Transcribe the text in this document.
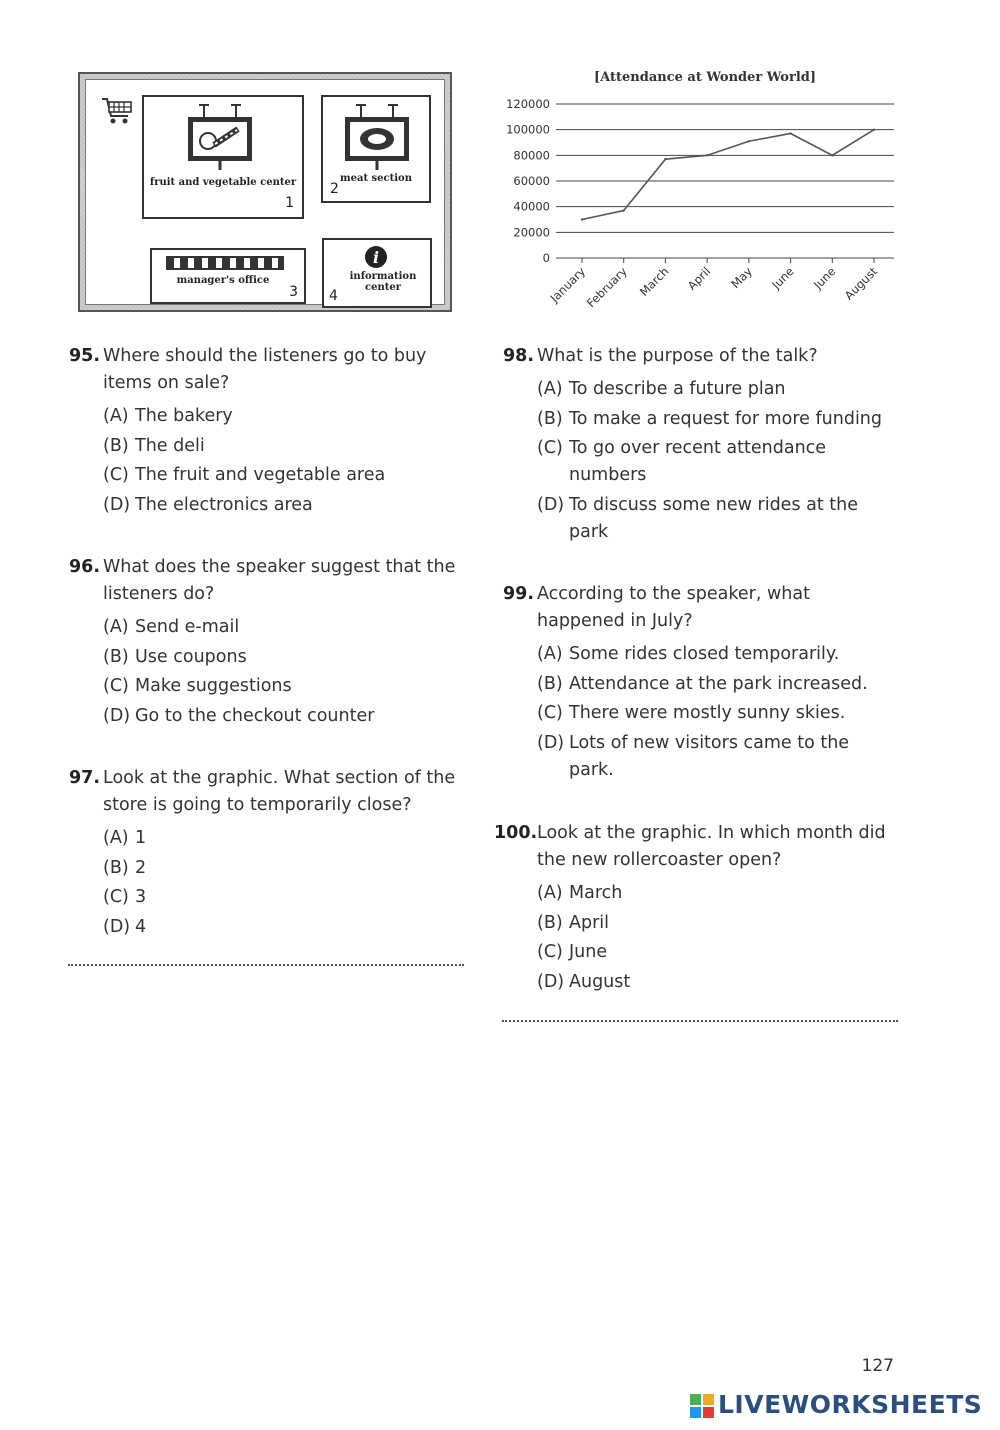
fruit and vegetable center
1
meat section
2
manager's office
3
i
information center
4
[Attendance at Wonder World]
120000
100000
80000
60000
40000
20000
0
January
February March April May June June August
95. Where should the listeners go to buy items on sale?
(A) The bakery
(B) The deli
(C) The fruit and vegetable area
(D) The electronics area
96. What does the speaker suggest that the listeners do?
(A) Send e-mail
(B) Use coupons
(C) Make suggestions
(D) Go to the checkout counter
97. Look at the graphic. What section of the store is going to temporarily close?
(A) 1
(B) 2
(C) 3
(D) 4
98. What is the purpose of the talk?
(A) To describe a future plan
(B) To make a request for more funding
(C) To go over recent attendance numbers
(D) To discuss some new rides at the park
99. According to the speaker, what happened in July?
(A) Some rides closed temporarily.
(B) Attendance at the park increased.
(C) There were mostly sunny skies.
(D) Lots of new visitors came to the park.
100. Look at the graphic. In which month did the new rollercoaster open?
(A) March
(B) April
(C) June
(D) August
127
LIVEWORKSHEETS
